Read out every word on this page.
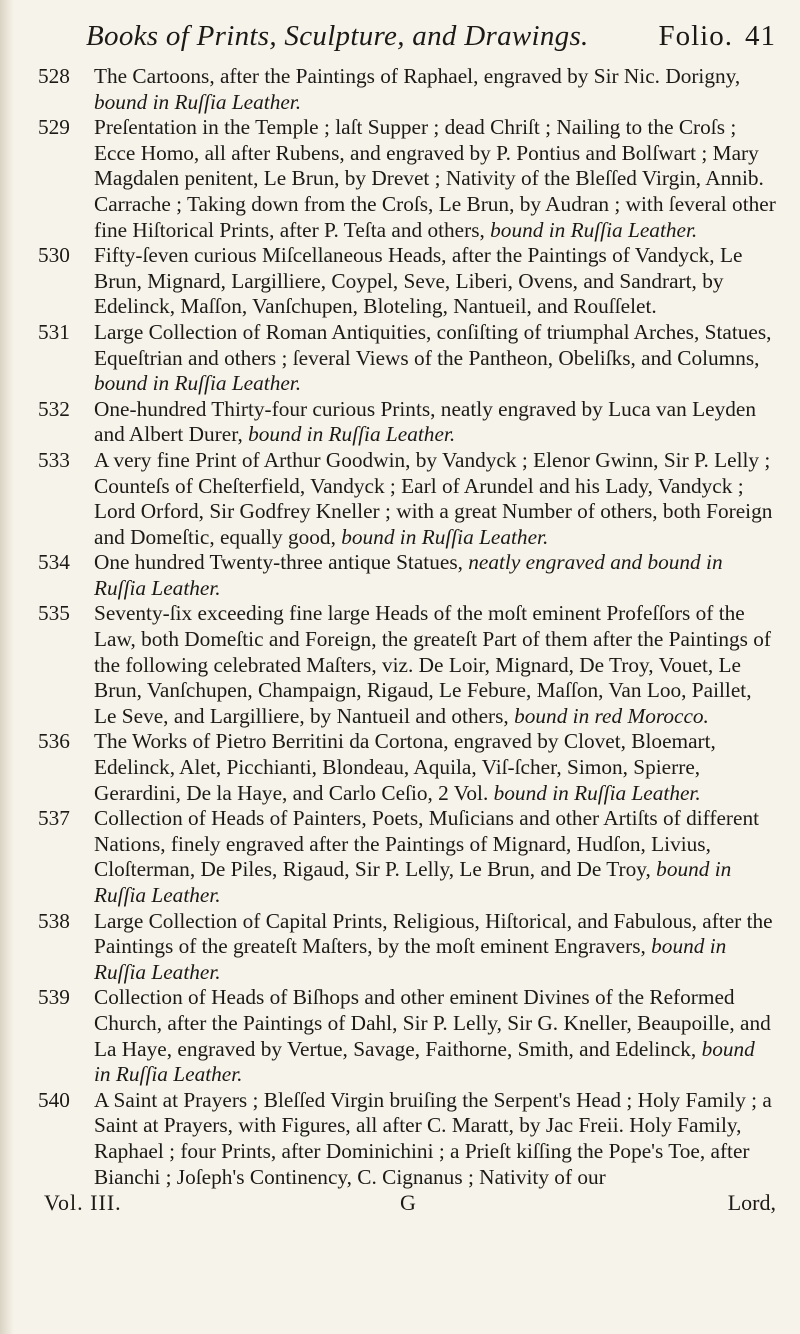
Books of Prints, Sculpture, and Drawings. Folio. 41
528	The Cartoons, after the Paintings of Raphael, engraved by Sir Nic. Dorigny, bound in Ruſſia Leather.
529	Preſentation in the Temple ; laſt Supper ; dead Chriſt ; Nailing to the Croſs ; Ecce Homo, all after Rubens, and engraved by P. Pontius and Bolſwart ; Mary Magdalen penitent, Le Brun, by Drevet ; Nativity of the Bleſſed Virgin, Annib. Carrache ; Taking down from the Croſs, Le Brun, by Audran ; with ſeveral other fine Hiſtorical Prints, after P. Teſta and others, bound in Ruſſia Leather.
530	Fifty-ſeven curious Miſcellaneous Heads, after the Paintings of Vandyck, Le Brun, Mignard, Largilliere, Coypel, Seve, Liberi, Ovens, and Sandrart, by Edelinck, Maſſon, Vanſchupen, Bloteling, Nantueil, and Rouſſelet.
531	Large Collection of Roman Antiquities, conſiſting of triumphal Arches, Statues, Equeſtrian and others ; ſeveral Views of the Pantheon, Obeliſks, and Columns, bound in Ruſſia Leather.
532	One-hundred Thirty-four curious Prints, neatly engraved by Luca van Leyden and Albert Durer, bound in Ruſſia Leather.
533	A very fine Print of Arthur Goodwin, by Vandyck ; Elenor Gwinn, Sir P. Lelly ; Counteſs of Cheſterfield, Vandyck ; Earl of Arundel and his Lady, Vandyck ; Lord Orford, Sir Godfrey Kneller ; with a great Number of others, both Foreign and Domeſtic, equally good, bound in Ruſſia Leather.
534	One hundred Twenty-three antique Statues, neatly engraved and bound in Ruſſia Leather.
535	Seventy-ſix exceeding fine large Heads of the moſt eminent Profeſſors of the Law, both Domeſtic and Foreign, the greateſt Part of them after the Paintings of the following celebrated Maſters, viz. De Loir, Mignard, De Troy, Vouet, Le Brun, Vanſchupen, Champaign, Rigaud, Le Febure, Maſſon, Van Loo, Paillet, Le Seve, and Largilliere, by Nantueil and others, bound in red Morocco.
536	The Works of Pietro Berritini da Cortona, engraved by Clovet, Bloemart, Edelinck, Alet, Picchianti, Blondeau, Aquila, Viſ-ſcher, Simon, Spierre, Gerardini, De la Haye, and Carlo Ceſio, 2 Vol. bound in Ruſſia Leather.
537	Collection of Heads of Painters, Poets, Muſicians and other Artiſts of different Nations, finely engraved after the Paintings of Mignard, Hudſon, Livius, Cloſterman, De Piles, Rigaud, Sir P. Lelly, Le Brun, and De Troy, bound in Ruſſia Leather.
538	Large Collection of Capital Prints, Religious, Hiſtorical, and Fabulous, after the Paintings of the greateſt Maſters, by the moſt eminent Engravers, bound in Ruſſia Leather.
539	Collection of Heads of Biſhops and other eminent Divines of the Reformed Church, after the Paintings of Dahl, Sir P. Lelly, Sir G. Kneller, Beaupoille, and La Haye, engraved by Vertue, Savage, Faithorne, Smith, and Edelinck, bound in Ruſſia Leather.
540	A Saint at Prayers ; Bleſſed Virgin bruiſing the Serpent's Head ; Holy Family ; a Saint at Prayers, with Figures, all after C. Maratt, by Jac Freii. Holy Family, Raphael ; four Prints, after Dominichini ; a Prieſt kiſſing the Pope's Toe, after Bianchi ; Joſeph's Continency, C. Cignanus ; Nativity of our
Vol. III.	G	Lord,
